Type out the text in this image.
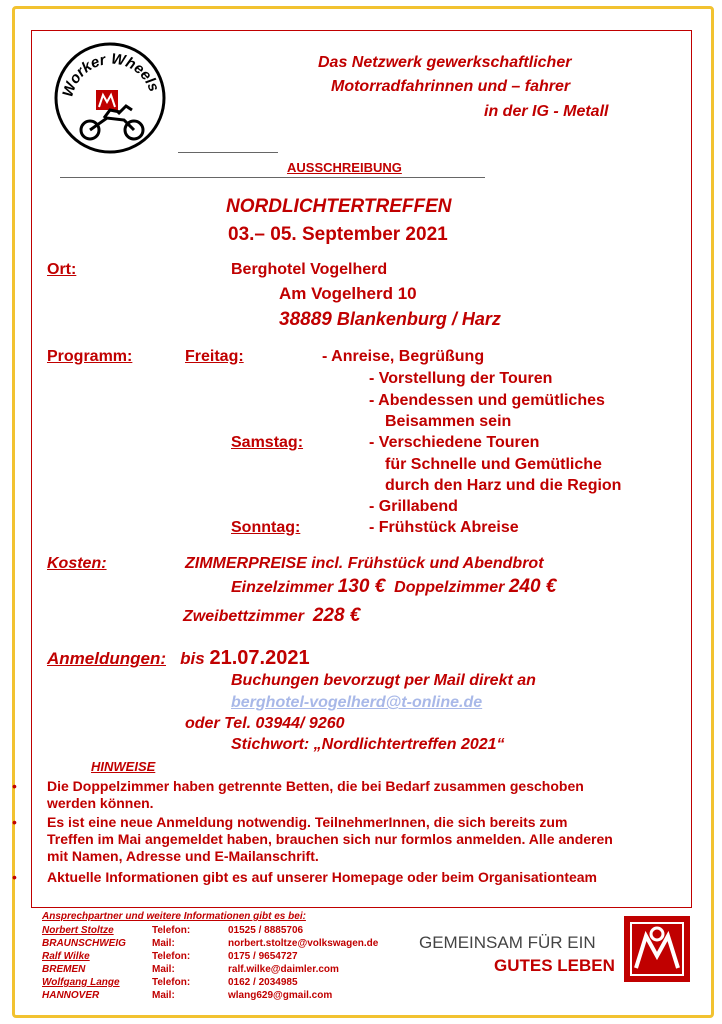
Worker Wheels
Das Netzwerk gewerkschaftlicher
Motorradfahrinnen und – fahrer
in der IG - Metall
AUSSCHREIBUNG
NORDLICHTERTREFFEN
03.– 05. September 2021
Ort:	Berghotel Vogelherd
Am Vogelherd 10
38889 Blankenburg / Harz
Programm:	Freitag:	- Anreise, Begrüßung
- Vorstellung der Touren
- Abendessen und gemütliches
Beisammen sein
Samstag:	- Verschiedene Touren
für Schnelle und Gemütliche
durch den Harz und die Region
- Grillabend
Sonntag:	- Frühstück Abreise
Kosten:	ZIMMERPREISE incl. Frühstück und Abendbrot
Einzelzimmer 130 € Doppelzimmer 240 €
Zweibettzimmer 228 €
Anmeldungen: bis 21.07.2021
Buchungen bevorzugt per Mail direkt an
berghotel-vogelherd@t-online.de
oder Tel. 03944/ 9260
Stichwort: „Nordlichtertreffen 2021“
HINWEISE
• Die Doppelzimmer haben getrennte Betten, die bei Bedarf zusammen geschoben
werden können.
• Es ist eine neue Anmeldung notwendig. TeilnehmerInnen, die sich bereits zum
Treffen im Mai angemeldet haben, brauchen sich nur formlos anmelden. Alle anderen
mit Namen, Adresse und E-Mailanschrift.
• Aktuelle Informationen gibt es auf unserer Homepage oder beim Organisationteam
Ansprechpartner und weitere Informationen gibt es bei:
Norbert Stoltze	Telefon:	01525 / 8885706
BRAUNSCHWEIG	Mail:	norbert.stoltze@volkswagen.de
Ralf Wilke	Telefon:	0175 / 9654727
BREMEN	Mail:	ralf.wilke@daimler.com
Wolfgang Lange	Telefon:	0162 / 2034985
HANNOVER	Mail:	wlang629@gmail.com
GEMEINSAM FÜR EIN
GUTES LEBEN
